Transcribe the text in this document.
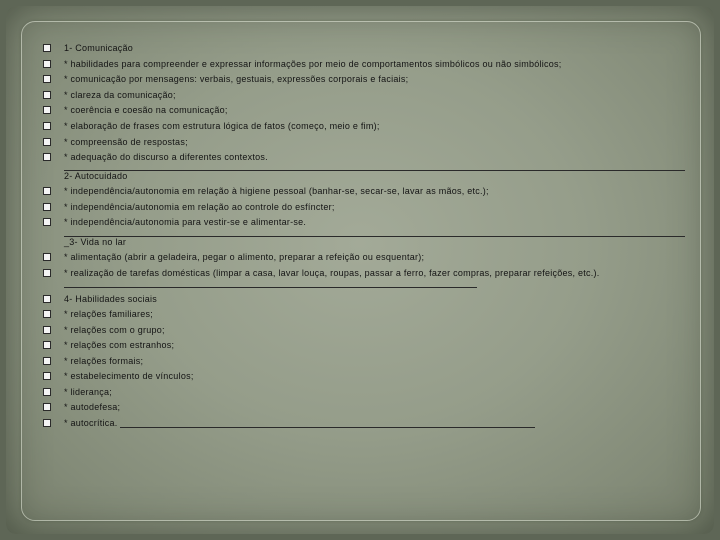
1- Comunicação
* habilidades para compreender e expressar informações por meio de comportamentos simbólicos ou não simbólicos;
* comunicação por mensagens: verbais, gestuais, expressões corporais e faciais;
* clareza da comunicação;
* coerência e coesão na comunicação;
* elaboração de frases com estrutura lógica de fatos (começo, meio e fim);
* compreensão de respostas;
* adequação do discurso a diferentes contextos.
2- Autocuidado
* independência/autonomia em relação à higiene pessoal (banhar-se, secar-se, lavar as mãos, etc.);
* independência/autonomia em relação ao controle do esfíncter;
* independência/autonomia para vestir-se e alimentar-se.
_3- Vida no lar
* alimentação (abrir a geladeira, pegar o alimento, preparar a refeição ou esquentar);
* realização de tarefas domésticas (limpar a casa, lavar louça, roupas, passar a ferro, fazer compras, preparar refeições, etc.).
4- Habilidades sociais
* relações familiares;
* relações com o grupo;
* relações com estranhos;
* relações formais;
* estabelecimento de vínculos;
* liderança;
* autodefesa;
* autocrítica.
